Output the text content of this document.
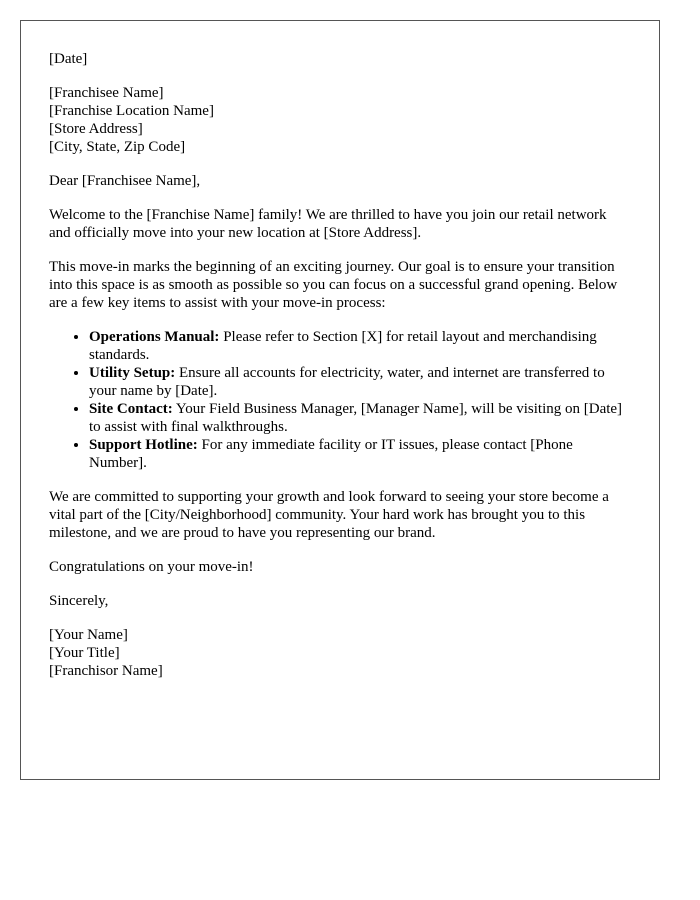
[Date]

[Franchisee Name]
[Franchise Location Name]
[Store Address]
[City, State, Zip Code]

Dear [Franchisee Name],

Welcome to the [Franchise Name] family! We are thrilled to have you join our retail network and officially move into your new location at [Store Address].

This move-in marks the beginning of an exciting journey. Our goal is to ensure your transition into this space is as smooth as possible so you can focus on a successful grand opening. Below are a few key items to assist with your move-in process:

• Operations Manual: Please refer to Section [X] for retail layout and merchandising standards.
• Utility Setup: Ensure all accounts for electricity, water, and internet are transferred to your name by [Date].
• Site Contact: Your Field Business Manager, [Manager Name], will be visiting on [Date] to assist with final walkthroughs.
• Support Hotline: For any immediate facility or IT issues, please contact [Phone Number].

We are committed to supporting your growth and look forward to seeing your store become a vital part of the [City/Neighborhood] community. Your hard work has brought you to this milestone, and we are proud to have you representing our brand.

Congratulations on your move-in!

Sincerely,

[Your Name]
[Your Title]
[Franchisor Name]
